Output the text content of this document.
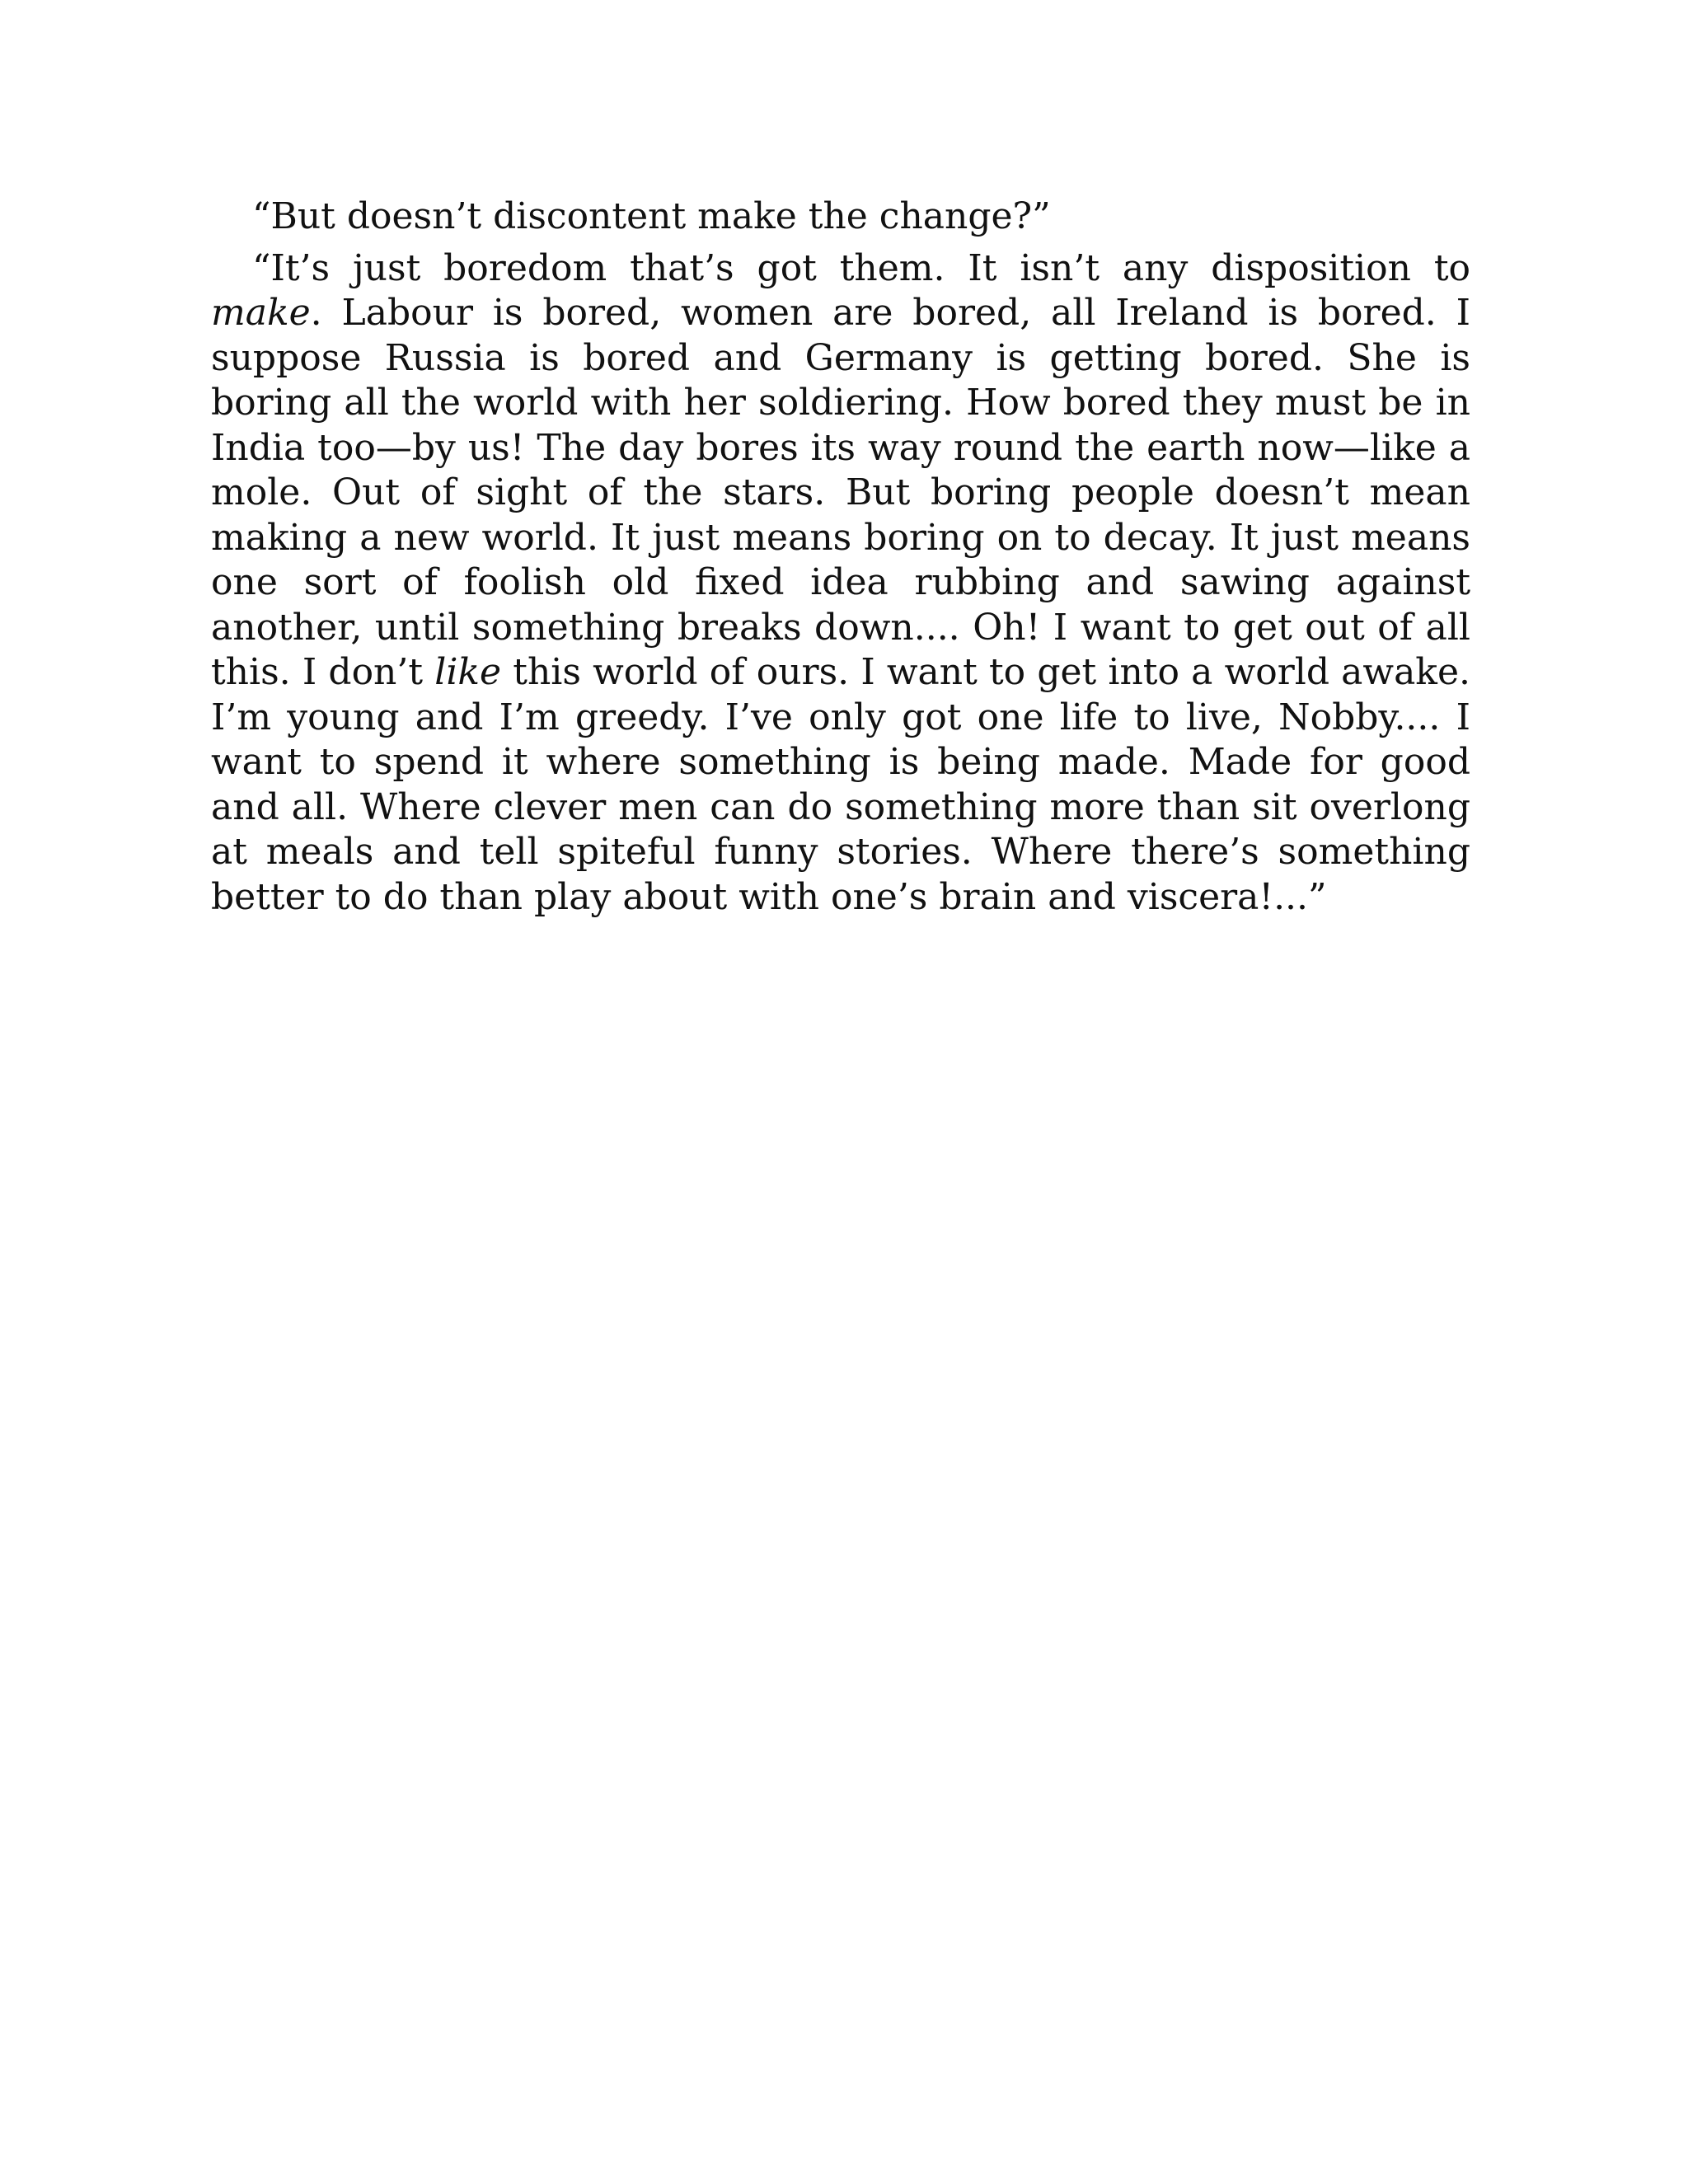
“But doesn’t discontent make the change?”

“It’s just boredom that’s got them. It isn’t any disposition to make. Labour is bored, women are bored, all Ireland is bored. I suppose Russia is bored and Germany is getting bored. She is boring all the world with her soldiering. How bored they must be in India too—by us! The day bores its way round the earth now—like a mole. Out of sight of the stars. But boring people doesn’t mean making a new world. It just means boring on to decay. It just means one sort of foolish old fixed idea rubbing and sawing against another, until something breaks down.... Oh! I want to get out of all this. I don’t like this world of ours. I want to get into a world awake. I’m young and I’m greedy. I’ve only got one life to live, Nobby.... I want to spend it where something is being made. Made for good and all. Where clever men can do something more than sit overlong at meals and tell spiteful funny stories. Where there’s something better to do than play about with one’s brain and viscera!...”
